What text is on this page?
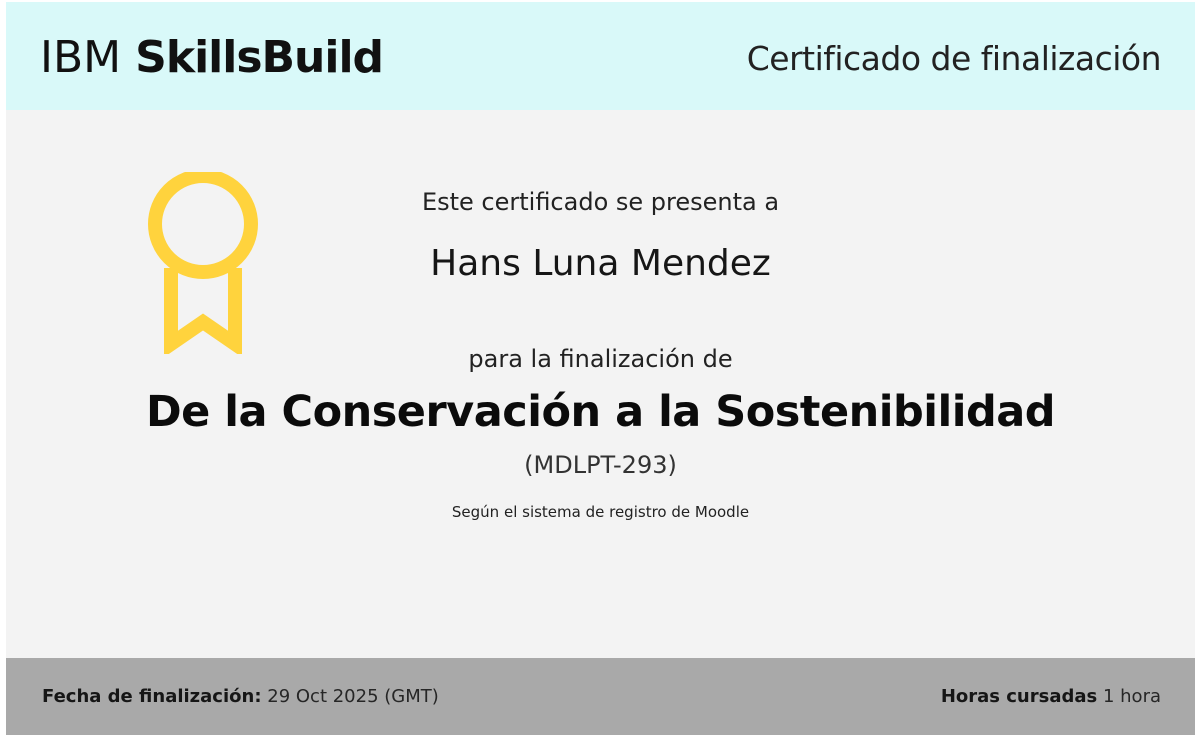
IBM SkillsBuild	Certificado de finalización
Este certificado se presenta a
Hans Luna Mendez
para la finalización de
De la Conservación a la Sostenibilidad
(MDLPT-293)
Según el sistema de registro de Moodle
Fecha de finalización: 29 Oct 2025 (GMT)	Horas cursadas 1 hora
